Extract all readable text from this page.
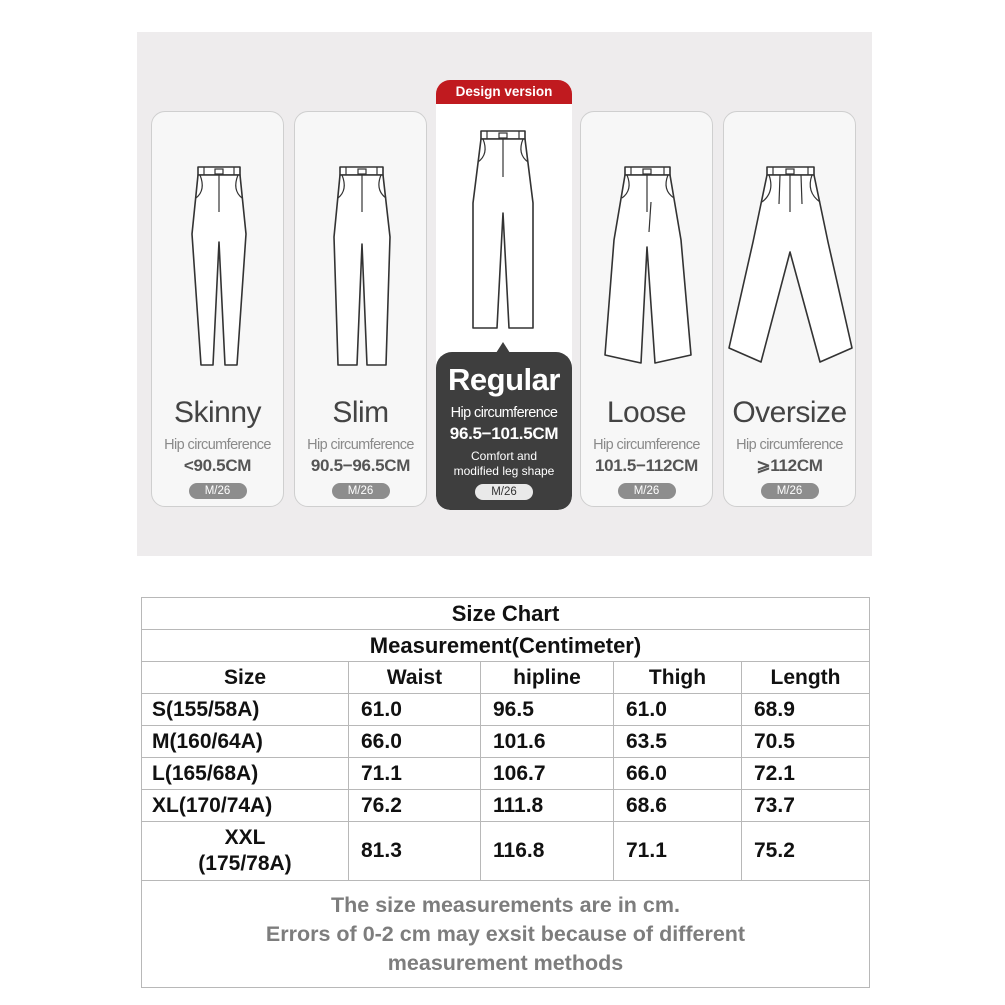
Skinny
Hip circumference
<90.5CM
M/26
Slim
Hip circumference
90.5−96.5CM
M/26
Design version
Regular
Hip circumference
96.5−101.5CM
Comfort and
modified leg shape
M/26
Loose
Hip circumference
101.5−112CM
M/26
Oversize
Hip circumference
⩾112CM
M/26
Size Chart				
Measurement(Centimeter)				
Size	Waist	hipline	Thigh	Length
S(155/58A)	61.0	96.5	61.0	68.9
M(160/64A)	66.0	101.6	63.5	70.5
L(165/68A)	71.1	106.7	66.0	72.1
XL(170/74A)	76.2	111.8	68.6	73.7

XXL
(175/78A)	81.3	116.8	71.1	75.2

The size measurements are in cm.
Errors of 0-2 cm may exsit because of different
measurement methods				
